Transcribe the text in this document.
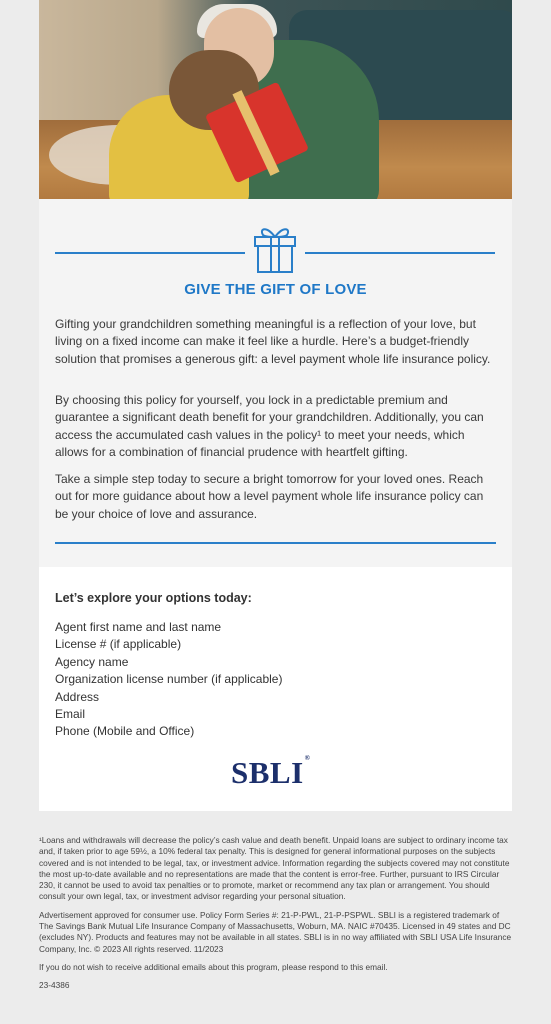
GIVE THE GIFT OF LOVE
Gifting your grandchildren something meaningful is a reflection of your love, but living on a fixed income can make it feel like a hurdle. Here’s a budget-friendly solution that promises a generous gift: a level payment whole life insurance policy.
By choosing this policy for yourself, you lock in a predictable premium and guarantee a significant death benefit for your grandchildren. Additionally, you can access the accumulated cash values in the policy¹ to meet your needs, which allows for a combination of financial prudence with heartfelt gifting.
Take a simple step today to secure a bright tomorrow for your loved ones. Reach out for more guidance about how a level payment whole life insurance policy can be your choice of love and assurance.
Let’s explore your options today:
Agent first name and last name
License # (if applicable)
Agency name
Organization license number (if applicable)
Address
Email
Phone (Mobile and Office)
SBLI®

¹Loans and withdrawals will decrease the policy’s cash value and death benefit. Unpaid loans are subject to ordinary income tax and, if taken prior to age 59½, a 10% federal tax penalty. This is designed for general informational purposes on the subjects covered and is not intended to be legal, tax, or investment advice. Information regarding the subjects covered may not constitute the most up-to-date available and no representations are made that the content is error-free. Further, pursuant to IRS Circular 230, it cannot be used to avoid tax penalties or to promote, market or recommend any tax plan or arrangement. You should consult your own legal, tax, or investment advisor regarding your personal situation.

Advertisement approved for consumer use. Policy Form Series #: 21-P-PWL, 21-P-PSPWL. SBLI is a registered trademark of The Savings Bank Mutual Life Insurance Company of Massachusetts, Woburn, MA. NAIC #70435. Licensed in 49 states and DC (excludes NY). Products and features may not be available in all states. SBLI is in no way affiliated with SBLI USA Life Insurance Company, Inc. © 2023 All rights reserved. 11/2023

If you do not wish to receive additional emails about this program, please respond to this email.

23-4386
